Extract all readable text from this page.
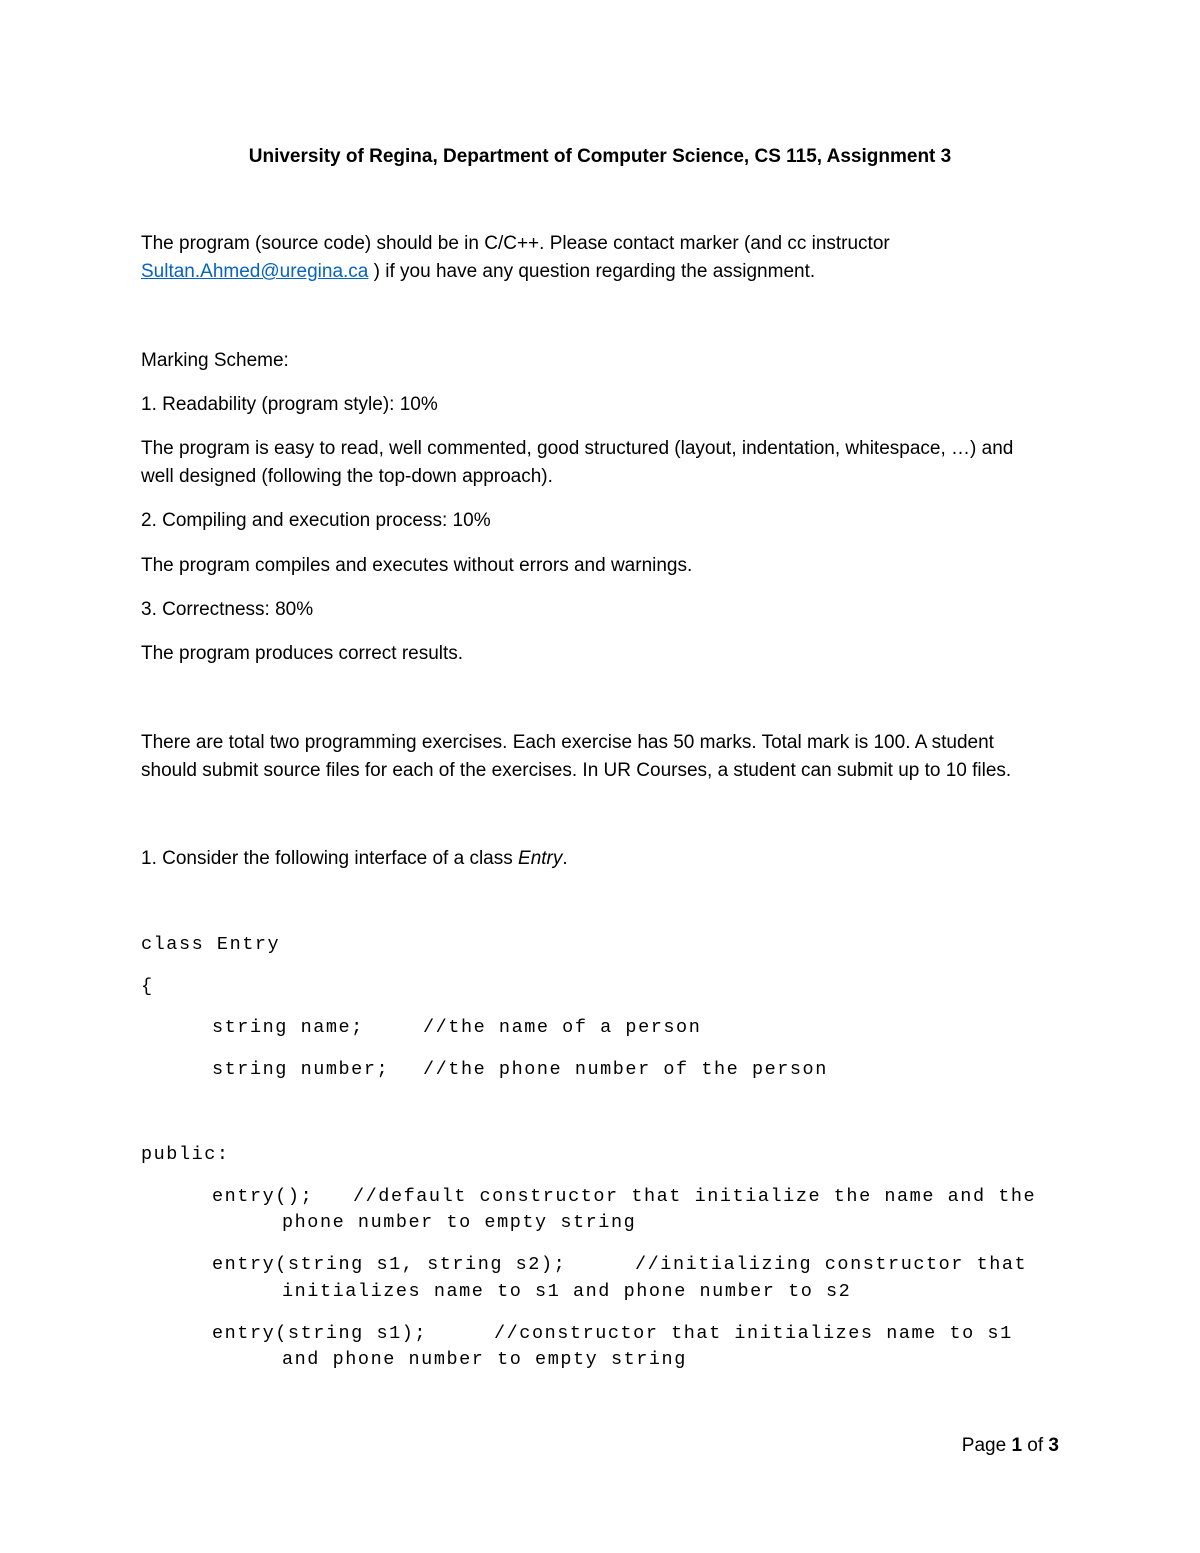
University of Regina, Department of Computer Science, CS 115, Assignment 3

The program (source code) should be in C/C++. Please contact marker (and cc instructor

Sultan.Ahmed@uregina.ca ) if you have any question regarding the assignment.

Marking Scheme:

1. Readability (program style): 10%

The program is easy to read, well commented, good structured (layout, indentation, whitespace, …) and

well designed (following the top-down approach).

2. Compiling and execution process: 10%

The program compiles and executes without errors and warnings.

3. Correctness: 80%

The program produces correct results.

There are total two programming exercises. Each exercise has 50 marks. Total mark is 100. A student

should submit source files for each of the exercises. In UR Courses, a student can submit up to 10 files.

1. Consider the following interface of a class Entry.

class Entry
{
string name;	//the name of a person
string number; //the phone number of the person
public:
entry(); //default constructor that initialize the name and the
phone number to empty string
entry(string s1, string s2);	//initializing constructor that
initializes name to s1 and phone number to s2
entry(string s1);	//constructor that initializes name to s1
and phone number to empty string
Page 1 of 3
